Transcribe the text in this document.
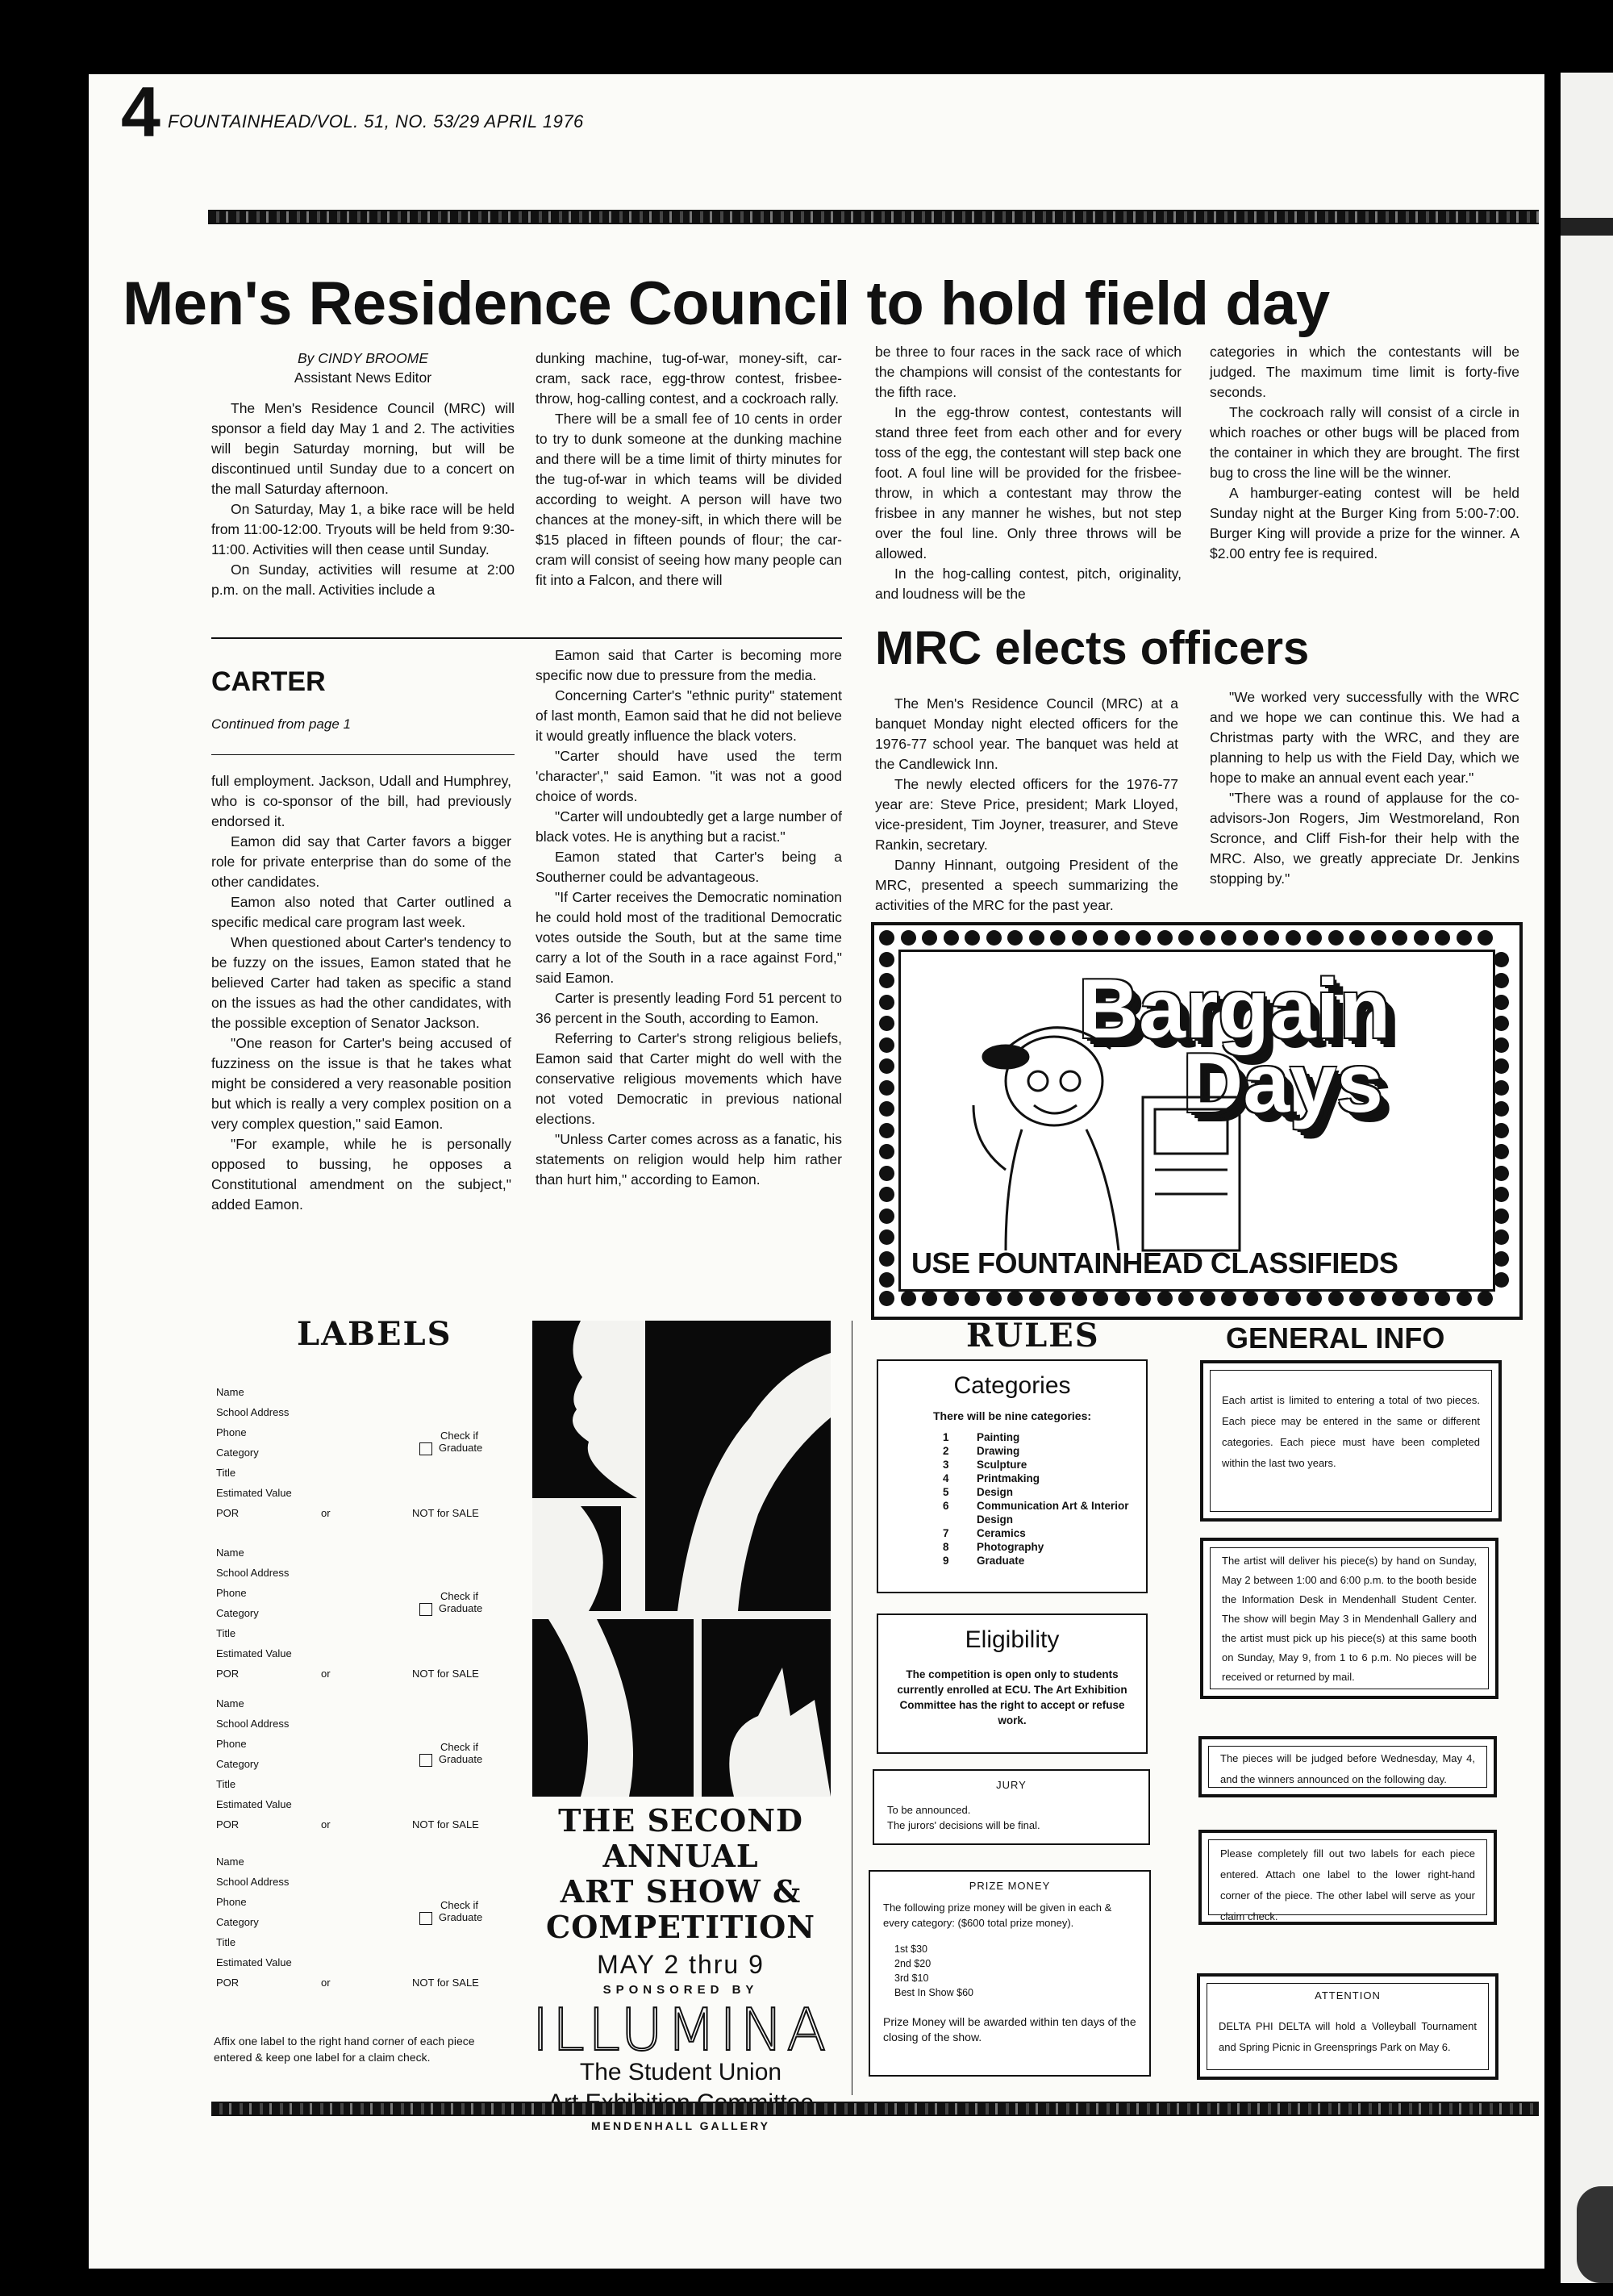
4 FOUNTAINHEAD/VOL. 51, NO. 53/29 APRIL 1976
Men's Residence Council to hold field day
By CINDY BROOME
Assistant News Editor

The Men's Residence Council (MRC) will sponsor a field day May 1 and 2. The activities will begin Saturday morning, but will be discontinued until Sunday due to a concert on the mall Saturday afternoon.

On Saturday, May 1, a bike race will be held from 11:00-12:00. Tryouts will be held from 9:30-11:00. Activities will then cease until Sunday.

On Sunday, activities will resume at 2:00 p.m. on the mall. Activities include a

dunking machine, tug-of-war, money-sift, car-cram, sack race, egg-throw contest, frisbee-throw, hog-calling contest, and a cockroach rally.

There will be a small fee of 10 cents in order to try to dunk someone at the dunking machine and there will be a time limit of thirty minutes for the tug-of-war in which teams will be divided according to weight. A person will have two chances at the money-sift, in which there will be $15 placed in fifteen pounds of flour; the car-cram will consist of seeing how many people can fit into a Falcon, and there will

be three to four races in the sack race of which the champions will consist of the contestants for the fifth race.

In the egg-throw contest, contestants will stand three feet from each other and for every toss of the egg, the contestant will step back one foot. A foul line will be provided for the frisbee-throw, in which a contestant may throw the frisbee in any manner he wishes, but not step over the foul line. Only three throws will be allowed.

In the hog-calling contest, pitch, originality, and loudness will be the

categories in which the contestants will be judged. The maximum time limit is forty-five seconds.

The cockroach rally will consist of a circle in which roaches or other bugs will be placed from the container in which they are brought. The first bug to cross the line will be the winner.

A hamburger-eating contest will be held Sunday night at the Burger King from 5:00-7:00. Burger King will provide a prize for the winner. A $2.00 entry fee is required.

CARTER
Continued from page 1

full employment. Jackson, Udall and Humphrey, who is co-sponsor of the bill, had previously endorsed it.

Eamon did say that Carter favors a bigger role for private enterprise than do some of the other candidates.

Eamon also noted that Carter outlined a specific medical care program last week.

When questioned about Carter's tendency to be fuzzy on the issues, Eamon stated that he believed Carter had taken as specific a stand on the issues as had the other candidates, with the possible exception of Senator Jackson.

"One reason for Carter's being accused of fuzziness on the issue is that he takes what might be considered a very reasonable position but which is really a very complex position on a very complex question," said Eamon.

"For example, while he is personally opposed to bussing, he opposes a Constitutional amendment on the subject," added Eamon.

Eamon said that Carter is becoming more specific now due to pressure from the media.

Concerning Carter's "ethnic purity" statement of last month, Eamon said that he did not believe it would greatly influence the black voters.

"Carter should have used the term 'character'," said Eamon. "it was not a good choice of words.

"Carter will undoubtedly get a large number of black votes. He is anything but a racist."

Eamon stated that Carter's being a Southerner could be advantageous.

"If Carter receives the Democratic nomination he could hold most of the traditional Democratic votes outside the South, but at the same time carry a lot of the South in a race against Ford," said Eamon.

Carter is presently leading Ford 51 percent to 36 percent in the South, according to Eamon.

Referring to Carter's strong religious beliefs, Eamon said that Carter might do well with the conservative religious movements which have not voted Democratic in previous national elections.

"Unless Carter comes across as a fanatic, his statements on religion would help him rather than hurt him," according to Eamon.

MRC elects officers

The Men's Residence Council (MRC) at a banquet Monday night elected officers for the 1976-77 school year. The banquet was held at the Candlewick Inn.

The newly elected officers for the 1976-77 year are: Steve Price, president; Mark Lloyed, vice-president, Tim Joyner, treasurer, and Steve Rankin, secretary.

Danny Hinnant, outgoing President of the MRC, presented a speech summarizing the activities of the MRC for the past year.

"We worked very successfully with the WRC and we hope we can continue this. We had a Christmas party with the WRC, and they are planning to help us with the Field Day, which we hope to make an annual event each year."

"There was a round of applause for the co-advisors-Jon Rogers, Jim Westmoreland, Ron Scronce, and Cliff Fish-for their help with the MRC. Also, we greatly appreciate Dr. Jenkins stopping by."

Bargain
Days
USE FOUNTAINHEAD CLASSIFIEDS
LABELS
Name
School Address
Phone
Category
Title
Estimated Value
Check if
Graduate
POR	or	NOT for SALE
Name
School Address
Phone
Category
Title
Estimated Value
Check if
Graduate
POR	or	NOT for SALE
Name
School Address
Phone
Category
Title
Estimated Value
Check if
Graduate
POR	or	NOT for SALE
Name
School Address
Phone
Category
Title
Estimated Value
Check if
Graduate
POR	or	NOT for SALE
Affix one label to the right hand corner of each piece entered & keep one label for a claim check.
THE SECOND ANNUAL
ART SHOW &
COMPETITION
MAY 2 thru 9
SPONSORED BY
ILLUMINA
The Student Union
MENDENHALL GALLERY
RULES
Categories
There will be nine categories:
1	Painting
2	Drawing
3	Sculpture
4	Printmaking
5	Design
6	Communication Art & Interior Design
7	Ceramics
8	Photography
9	Graduate
Eligibility
The competition is open only to students currently enrolled at ECU. The Art Exhibition Committee has the right to accept or refuse work.
JURY
To be announced.
The jurors' decisions will be final.
PRIZE MONEY
The following prize money will be given in each & every category: ($600 total prize money).
1st $30
2nd $20
3rd $10
Best In Show $60
Prize Money will be awarded within ten days of the closing of the show.
GENERAL INFO
Each artist is limited to entering a total of two pieces. Each piece may be entered in the same or different categories. Each piece must have been completed within the last two years.
The artist will deliver his piece(s) by hand on Sunday, May 2 between 1:00 and 6:00 p.m. to the booth beside the Information Desk in Mendenhall Student Center. The show will begin May 3 in Mendenhall Gallery and the artist must pick up his piece(s) at this same booth on Sunday, May 9, from 1 to 6 p.m. No pieces will be received or returned by mail.
The pieces will be judged before Wednesday, May 4, and the winners announced on the following day.
Please completely fill out two labels for each piece entered. Attach one label to the lower right-hand corner of the piece. The other label will serve as your claim check.
ATTENTION
DELTA PHI DELTA will hold a Volleyball Tournament and Spring Picnic in Greensprings Park on May 6.
